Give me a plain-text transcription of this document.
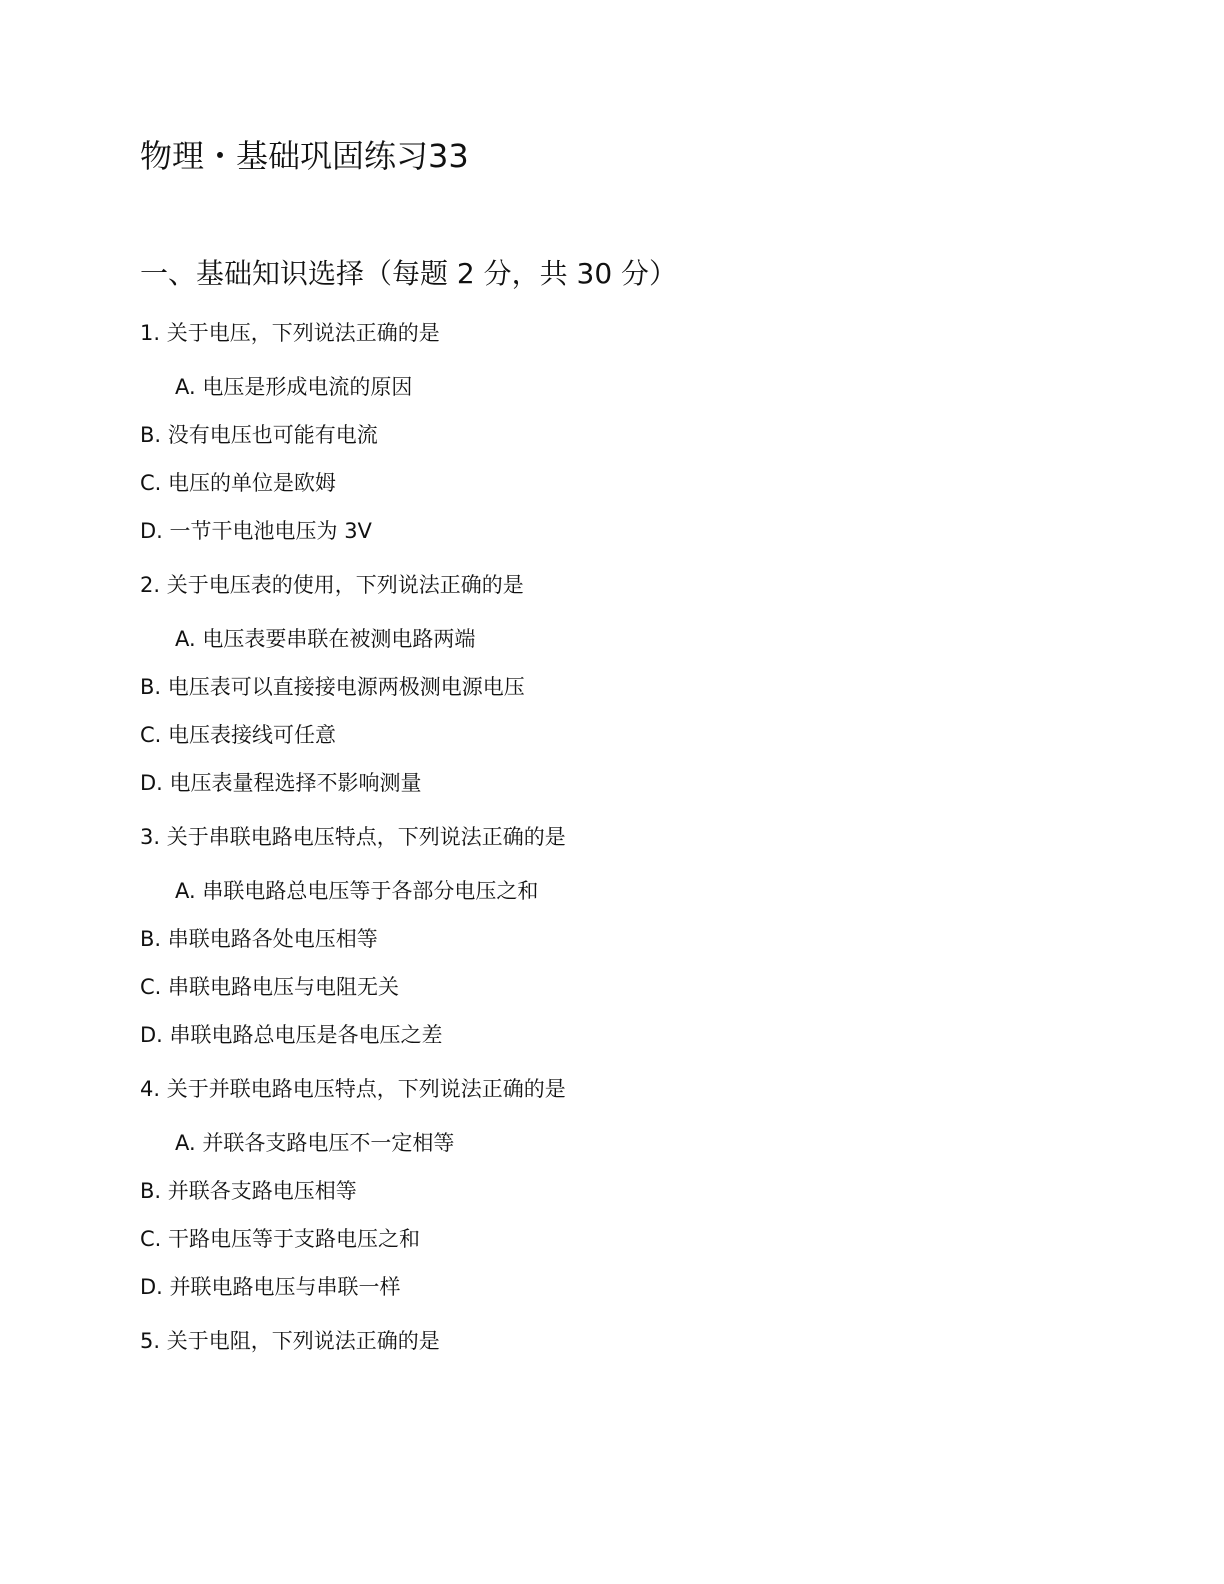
物理・基础巩固练习33
一、基础知识选择（每题 2 分，共 30 分）
1. 关于电压，下列说法正确的是
A. 电压是形成电流的原因
B. 没有电压也可能有电流
C. 电压的单位是欧姆
D. 一节干电池电压为 3V
2. 关于电压表的使用，下列说法正确的是
A. 电压表要串联在被测电路两端
B. 电压表可以直接接电源两极测电源电压
C. 电压表接线可任意
D. 电压表量程选择不影响测量
3. 关于串联电路电压特点，下列说法正确的是
A. 串联电路总电压等于各部分电压之和
B. 串联电路各处电压相等
C. 串联电路电压与电阻无关
D. 串联电路总电压是各电压之差
4. 关于并联电路电压特点，下列说法正确的是
A. 并联各支路电压不一定相等
B. 并联各支路电压相等
C. 干路电压等于支路电压之和
D. 并联电路电压与串联一样
5. 关于电阻，下列说法正确的是
